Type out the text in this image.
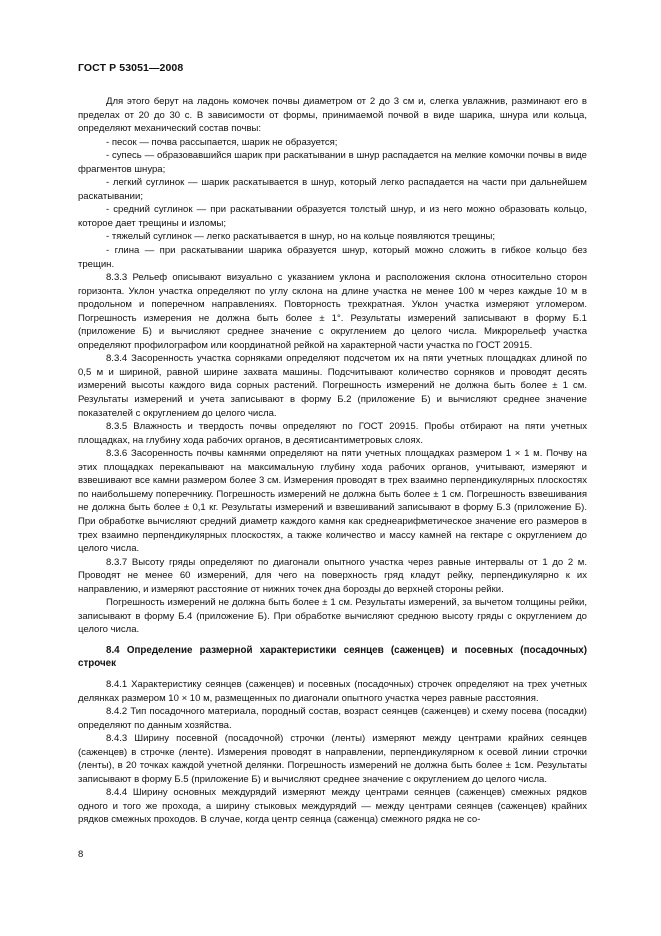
ГОСТ Р 53051—2008

Для этого берут на ладонь комочек почвы диаметром от 2 до 3 см и, слегка увлажнив, разминают его в пределах от 20 до 30 с. В зависимости от формы, принимаемой почвой в виде шарика, шнура или кольца, определяют механический состав почвы:

- песок — почва рассыпается, шарик не образуется;

- супесь — образовавшийся шарик при раскатывании в шнур распадается на мелкие комочки почвы в виде фрагментов шнура;

- легкий суглинок — шарик раскатывается в шнур, который легко распадается на части при дальнейшем раскатывании;

- средний суглинок — при раскатывании образуется толстый шнур, и из него можно образовать кольцо, которое дает трещины и изломы;

- тяжелый суглинок — легко раскатывается в шнур, но на кольце появляются трещины;

- глина — при раскатывании шарика образуется шнур, который можно сложить в гибкое кольцо без трещин.

8.3.3 Рельеф описывают визуально с указанием уклона и расположения склона относительно сторон горизонта. Уклон участка определяют по углу склона на длине участка не менее 100 м через каждые 10 м в продольном и поперечном направлениях. Повторность трехкратная. Уклон участка измеряют угломером. Погрешность измерения не должна быть более ± 1°. Результаты измерений записывают в форму Б.1 (приложение Б) и вычисляют среднее значение с округлением до целого числа. Микрорельеф участка определяют профилографом или координатной рейкой на характерной части участка по ГОСТ 20915.

8.3.4 Засоренность участка сорняками определяют подсчетом их на пяти учетных площадках длиной по 0,5 м и шириной, равной ширине захвата машины. Подсчитывают количество сорняков и проводят десять измерений высоты каждого вида сорных растений. Погрешность измерений не должна быть более ± 1 см. Результаты измерений и учета записывают в форму Б.2 (приложение Б) и вычисляют среднее значение показателей с округлением до целого числа.

8.3.5 Влажность и твердость почвы определяют по ГОСТ 20915. Пробы отбирают на пяти учетных площадках, на глубину хода рабочих органов, в десятисантиметровых слоях.

8.3.6 Засоренность почвы камнями определяют на пяти учетных площадках размером 1 × 1 м. Почву на этих площадках перекапывают на максимальную глубину хода рабочих органов, учитывают, измеряют и взвешивают все камни размером более 3 см. Измерения проводят в трех взаимно перпендикулярных плоскостях по наибольшему поперечнику. Погрешность измерений не должна быть более ± 1 см. Погрешность взвешивания не должна быть более ± 0,1 кг. Результаты измерений и взвешиваний записывают в форму Б.3 (приложение Б). При обработке вычисляют средний диаметр каждого камня как среднеарифметическое значение его размеров в трех взаимно перпендикулярных плоскостях, а также количество и массу камней на гектаре с округлением до целого числа.

8.3.7 Высоту гряды определяют по диагонали опытного участка через равные интервалы от 1 до 2 м. Проводят не менее 60 измерений, для чего на поверхность гряд кладут рейку, перпендикулярно к их направлению, и измеряют расстояние от нижних точек дна борозды до верхней стороны рейки.

Погрешность измерений не должна быть более ± 1 см. Результаты измерений, за вычетом толщины рейки, записывают в форму Б.4 (приложение Б). При обработке вычисляют среднюю высоту гряды с округлением до целого числа.

8.4 Определение размерной характеристики сеянцев (саженцев) и посевных (посадочных) строчек

8.4.1 Характеристику сеянцев (саженцев) и посевных (посадочных) строчек определяют на трех учетных делянках размером 10 × 10 м, размещенных по диагонали опытного участка через равные расстояния.

8.4.2 Тип посадочного материала, породный состав, возраст сеянцев (саженцев) и схему посева (посадки) определяют по данным хозяйства.

8.4.3 Ширину посевной (посадочной) строчки (ленты) измеряют между центрами крайних сеянцев (саженцев) в строчке (ленте). Измерения проводят в направлении, перпендикулярном к осевой линии строчки (ленты), в 20 точках каждой учетной делянки. Погрешность измерений не должна быть более ± 1см. Результаты записывают в форму Б.5 (приложение Б) и вычисляют среднее значение с округлением до целого числа.

8.4.4 Ширину основных междурядий измеряют между центрами сеянцев (саженцев) смежных рядков одного и того же прохода, а ширину стыковых междурядий — между центрами сеянцев (саженцев) крайних рядков смежных проходов. В случае, когда центр сеянца (саженца) смежного рядка не со-

8
